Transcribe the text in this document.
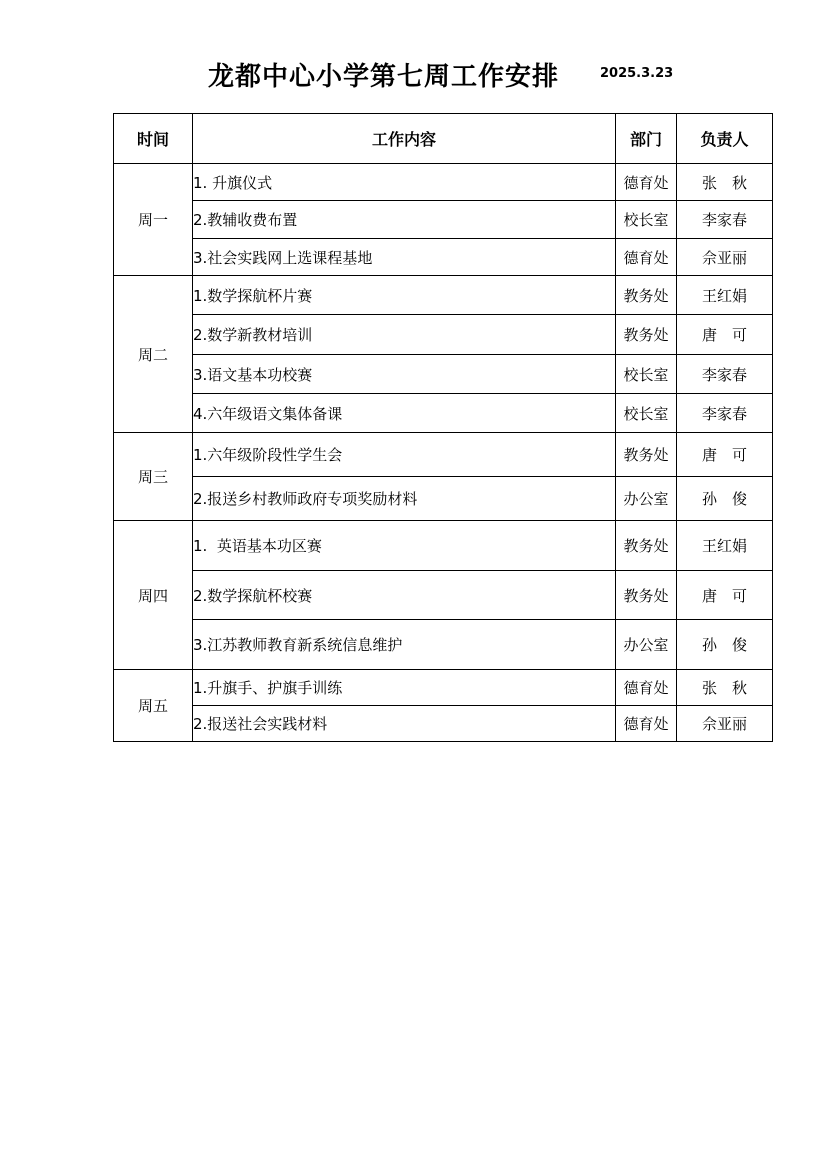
龙都中心小学第七周工作安排	2025.3.23
时间	工作内容	部门	负责人
周一	1. 升旗仪式	德育处	张　秋
	2.教辅收费布置	校长室	李家春
	3.社会实践网上选课程基地	德育处	佘亚丽
周二	1.数学探航杯片赛	教务处	王红娟
	2.数学新教材培训	教务处	唐　可
	3.语文基本功校赛	校长室	李家春
	4.六年级语文集体备课	校长室	李家春
周三	1.六年级阶段性学生会	教务处	唐　可
	2.报送乡村教师政府专项奖励材料	办公室	孙　俊
周四	1.  英语基本功区赛	教务处	王红娟
	2.数学探航杯校赛	教务处	唐　可
	3.江苏教师教育新系统信息维护	办公室	孙　俊
周五	1.升旗手、护旗手训练	德育处	张　秋
	2.报送社会实践材料	德育处	佘亚丽
